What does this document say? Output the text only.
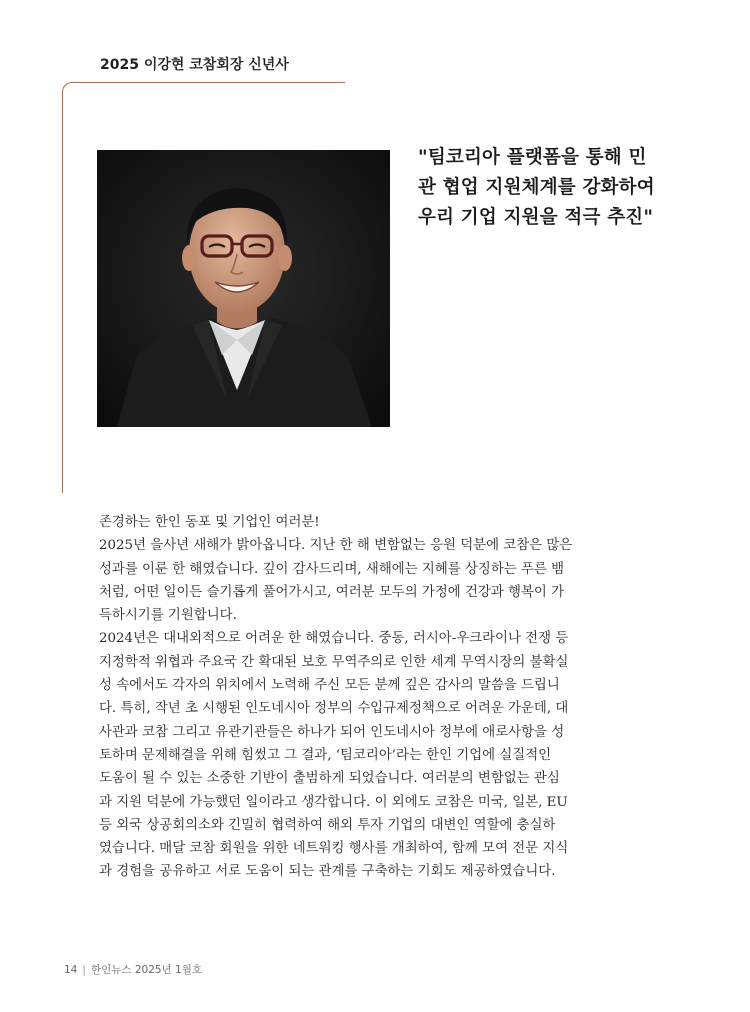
2025 이강현 코참회장 신년사
"팀코리아 플랫폼을 통해 민
관 협업 지원체계를 강화하여
우리 기업 지원을 적극 추진"
존경하는 한인 동포 및 기업인 여러분!
2025년 을사년 새해가 밝아옵니다. 지난 한 해 변함없는 응원 덕분에 코참은 많은
성과를 이룬 한 해였습니다. 깊이 감사드리며, 새해에는 지혜를 상징하는 푸른 뱀
처럼, 어떤 일이든 슬기롭게 풀어가시고, 여러분 모두의 가정에 건강과 행복이 가
득하시기를 기원합니다.
2024년은 대내외적으로 어려운 한 해였습니다. 중동, 러시아-우크라이나 전쟁 등
지정학적 위협과 주요국 간 확대된 보호 무역주의로 인한 세계 무역시장의 불확실
성 속에서도 각자의 위치에서 노력해 주신 모든 분께 깊은 감사의 말씀을 드립니
다. 특히, 작년 초 시행된 인도네시아 정부의 수입규제정책으로 어려운 가운데, 대
사관과 코참 그리고 유관기관들은 하나가 되어 인도네시아 정부에 애로사항을 성
토하며 문제해결을 위해 힘썼고 그 결과, ‘팀코리아’라는 한인 기업에 실질적인
도움이 될 수 있는 소중한 기반이 출범하게 되었습니다. 여러분의 변함없는 관심
과 지원 덕분에 가능했던 일이라고 생각합니다. 이 외에도 코참은 미국, 일본, EU
등 외국 상공회의소와 긴밀히 협력하여 해외 투자 기업의 대변인 역할에 충실하
였습니다. 매달 코참 회원을 위한 네트워킹 행사를 개최하여, 함께 모여 전문 지식
과 경험을 공유하고 서로 도움이 되는 관계를 구축하는 기회도 제공하였습니다.
14 | 한인뉴스 2025년 1월호
